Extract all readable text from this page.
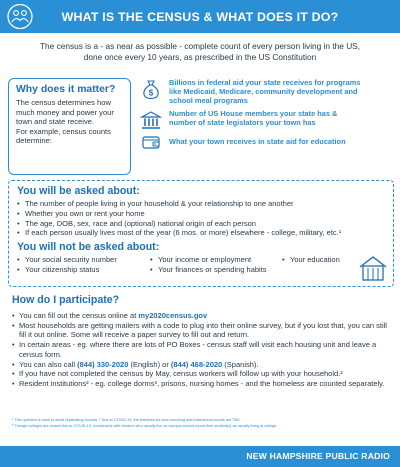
WHAT IS THE CENSUS & WHAT DOES IT DO?
The census is a - as near as possible - complete count of every person living in the US,
done once every 10 years, as prescribed in the US Constitution
Why does it matter?
The census determines how
much money and power your
town and state receive.
For example, census counts
determine:
$
Billions in federal aid your state receives for programs
like Medicaid, Medicare, community development and
school meal programs
Number of US House members your state has &
number of state legislators your town has
What your town receives in state aid for education
You will be asked about:
• The number of people living in your household & your relationship to one another
• Whether you own or rent your home
• The age, DOB, sex, race and (optional) national origin of each person
• If each person usually lives most of the year (6 mos. or more) elsewhere - college, military, etc.¹
You will not be asked about:
• Your social security number
• Your citizenship status
• Your income or employment
• Your finances or spending habits
• Your education
How do I participate?
• You can fill out the census online at my2020census.gov
• Most households are getting mailers with a code to plug into their online survey, but if you lost that, you can still fill it out online. Some will receive a paper survey to fill out and return.
• In certain areas - eg. where there are lots of PO Boxes - census staff will visit each housing unit and leave a census form.
• You can also call (844) 330-2020 (English) or (844) 468-2020 (Spanish).
• If you have not completed the census by May, census workers will follow up with your household.²
• Resident institutions² - eg. college dorms³, prisons, nursing homes - and the homeless are counted separately.
¹ This question is used to avoid duplicating records. ² Due to COVID-19, the timelines for door knocking and institutional counts are TBD.
³ Though colleges are closed due to COVID-19, households with children who usually live on campus should report their student(s) as usually living at college.
NEW HAMPSHIRE PUBLIC RADIO
